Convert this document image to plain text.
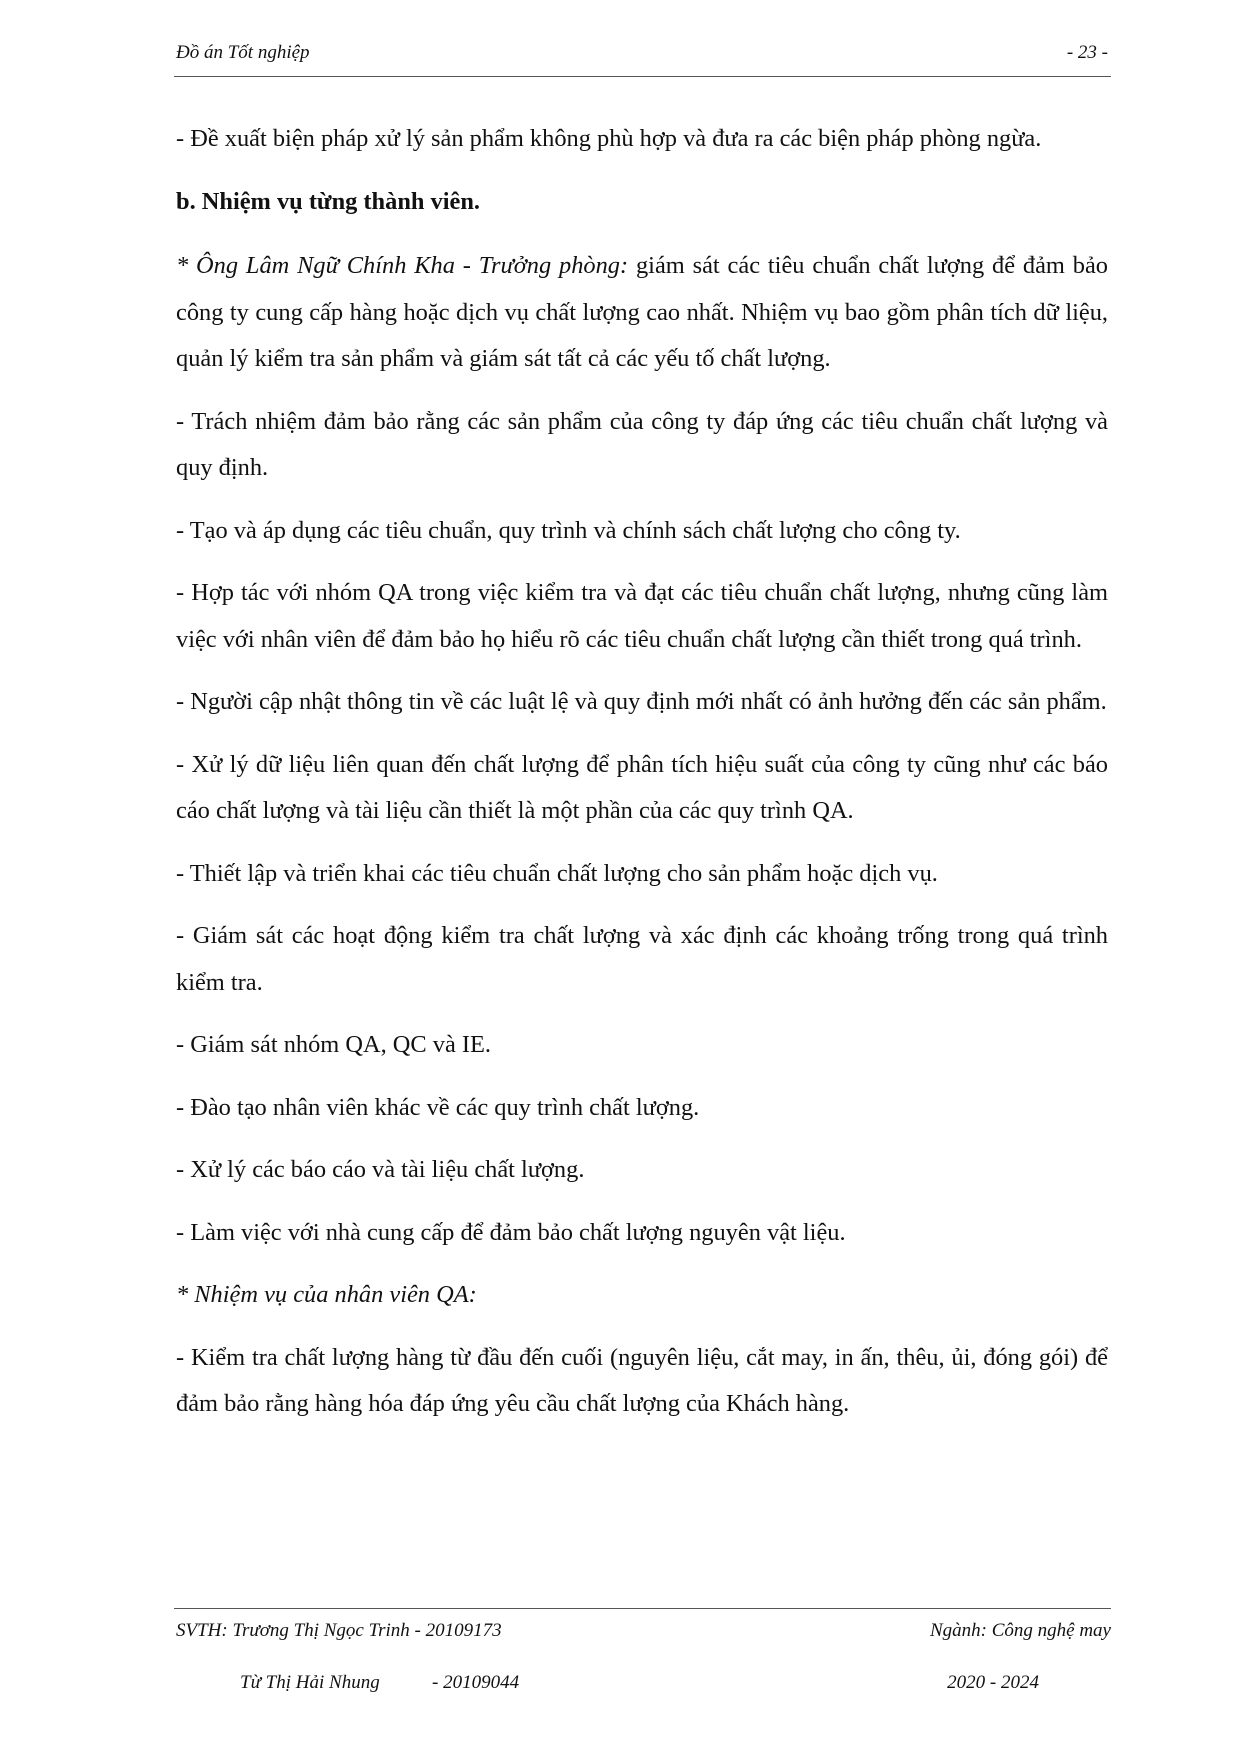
Đồ án Tốt nghiệp	- 23 -

- Đề xuất biện pháp xử lý sản phẩm không phù hợp và đưa ra các biện pháp phòng ngừa.

b. Nhiệm vụ từng thành viên.

* Ông Lâm Ngữ Chính Kha - Trưởng phòng: giám sát các tiêu chuẩn chất lượng để đảm bảo công ty cung cấp hàng hoặc dịch vụ chất lượng cao nhất. Nhiệm vụ bao gồm phân tích dữ liệu, quản lý kiểm tra sản phẩm và giám sát tất cả các yếu tố chất lượng.

- Trách nhiệm đảm bảo rằng các sản phẩm của công ty đáp ứng các tiêu chuẩn chất lượng và quy định.

- Tạo và áp dụng các tiêu chuẩn, quy trình và chính sách chất lượng cho công ty.

- Hợp tác với nhóm QA trong việc kiểm tra và đạt các tiêu chuẩn chất lượng, nhưng cũng làm việc với nhân viên để đảm bảo họ hiểu rõ các tiêu chuẩn chất lượng cần thiết trong quá trình.

- Người cập nhật thông tin về các luật lệ và quy định mới nhất có ảnh hưởng đến các sản phẩm.

- Xử lý dữ liệu liên quan đến chất lượng để phân tích hiệu suất của công ty cũng như các báo cáo chất lượng và tài liệu cần thiết là một phần của các quy trình QA.

- Thiết lập và triển khai các tiêu chuẩn chất lượng cho sản phẩm hoặc dịch vụ.

- Giám sát các hoạt động kiểm tra chất lượng và xác định các khoảng trống trong quá trình kiểm tra.

- Giám sát nhóm QA, QC và IE.

- Đào tạo nhân viên khác về các quy trình chất lượng.

- Xử lý các báo cáo và tài liệu chất lượng.

- Làm việc với nhà cung cấp để đảm bảo chất lượng nguyên vật liệu.

* Nhiệm vụ của nhân viên QA:

- Kiểm tra chất lượng hàng từ đầu đến cuối (nguyên liệu, cắt may, in ấn, thêu, ủi, đóng gói) để đảm bảo rằng hàng hóa đáp ứng yêu cầu chất lượng của Khách hàng.

SVTH: Trương Thị Ngọc Trinh - 20109173	Ngành: Công nghệ may
Từ Thị Hải Nhung	- 20109044	2020 - 2024
